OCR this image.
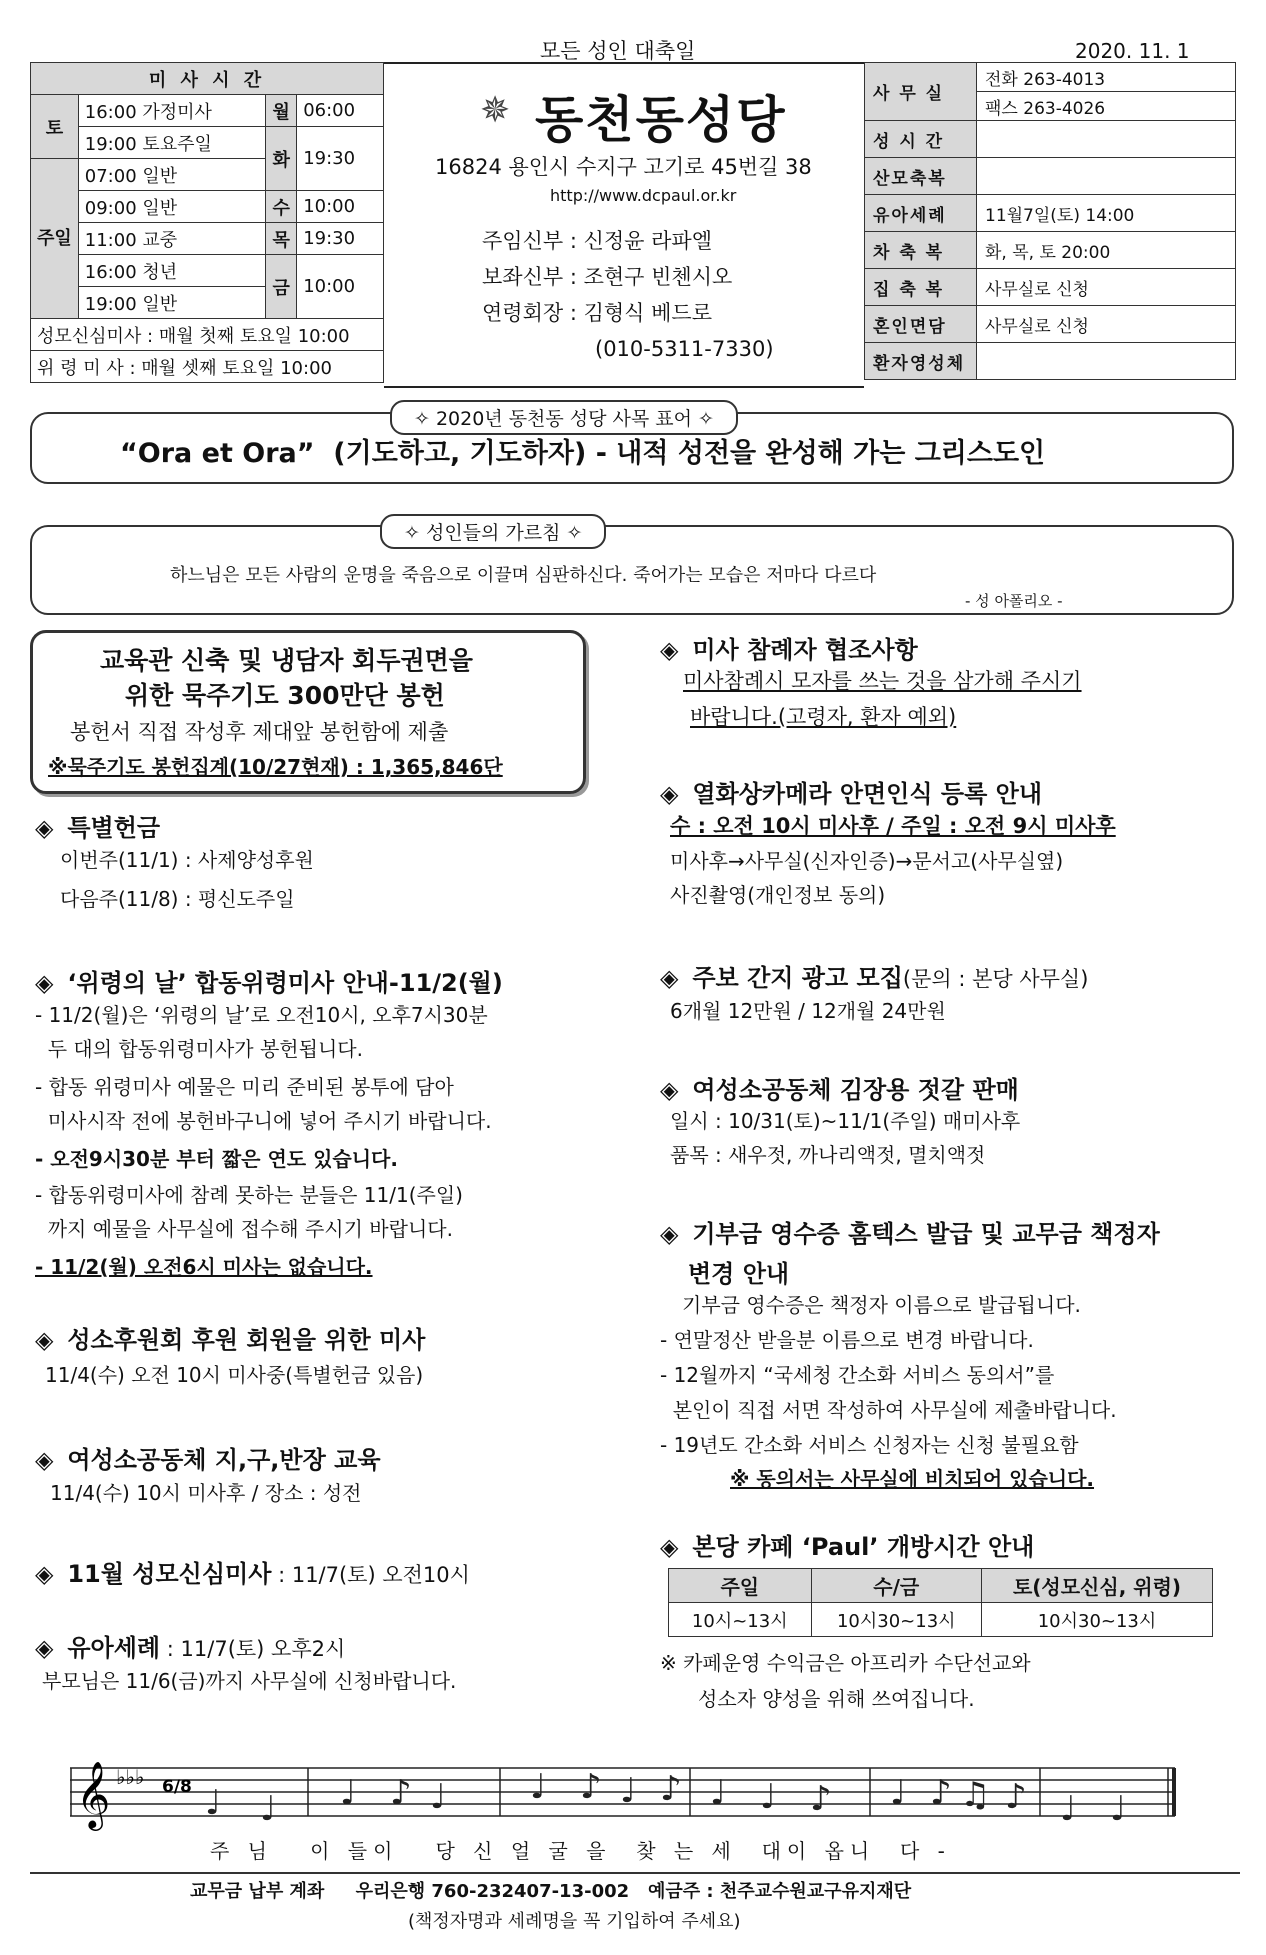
모든 성인 대축일	2020. 11. 1
미 사 시 간			
토	16:00 가정미사	월	06:00
	19:00 토요주일	화	19:30
주일	07:00 일반		
	09:00 일반	수	10:00
	11:00 교중	목	19:30
	16:00 청년	금	10:00
	19:00 일반		
성모신심미사 : 매월 첫째 토요일 10:00			
위 령 미 사 : 매월 셋째 토요일 10:00			
✵ 동천동성당
16824 용인시 수지구 고기로 45번길 38
http://www.dcpaul.or.kr
주임신부 : 신정윤 라파엘
보좌신부 : 조현구 빈첸시오
연령회장 : 김형식 베드로
(010-5311-7330)
사 무 실	전화 263-4013
	팩스 263-4026
성 시 간	
산모축복	
유아세례	11월7일(토) 14:00
차 축 복	화, 목, 토 20:00
집 축 복	사무실로 신청
혼인면담	사무실로 신청
환자영성체	
✧ 2020년 동천동 성당 사목 표어 ✧
“Ora et Ora” (기도하고, 기도하자) - 내적 성전을 완성해 가는 그리스도인
✧ 성인들의 가르침 ✧
하느님은 모든 사람의 운명을 죽음으로 이끌며 심판하신다. 죽어가는 모습은 저마다 다르다
- 성 아폴리오 -
교육관 신축 및 냉담자 회두권면을
위한 묵주기도 300만단 봉헌
봉헌서 직접 작성후 제대앞 봉헌함에 제출
※묵주기도 봉헌집계(10/27현재) : 1,365,846단
◈ 특별헌금
이번주(11/1) : 사제양성후원
다음주(11/8) : 평신도주일
◈ ‘위령의 날’ 합동위령미사 안내-11/2(월)
- 11/2(월)은 ‘위령의 날’로 오전10시, 오후7시30분
두 대의 합동위령미사가 봉헌됩니다.
- 합동 위령미사 예물은 미리 준비된 봉투에 담아
미사시작 전에 봉헌바구니에 넣어 주시기 바랍니다.
- 오전9시30분 부터 짧은 연도 있습니다.
- 합동위령미사에 참례 못하는 분들은 11/1(주일)
까지 예물을 사무실에 접수해 주시기 바랍니다.
- 11/2(월) 오전6시 미사는 없습니다.
◈ 성소후원회 후원 회원을 위한 미사
11/4(수) 오전 10시 미사중(특별헌금 있음)
◈ 여성소공동체 지,구,반장 교육
11/4(수) 10시 미사후 / 장소 : 성전
◈ 11월 성모신심미사 : 11/7(토) 오전10시
◈ 유아세례 : 11/7(토) 오후2시
부모님은 11/6(금)까지 사무실에 신청바랍니다.
◈ 미사 참례자 협조사항
미사참례시 모자를 쓰는 것을 삼가해 주시기
바랍니다.(고령자, 환자 예외)
◈ 열화상카메라 안면인식 등록 안내
수 : 오전 10시 미사후 / 주일 : 오전 9시 미사후
미사후→사무실(신자인증)→문서고(사무실옆)
사진촬영(개인정보 동의)
◈ 주보 간지 광고 모집(문의 : 본당 사무실)
6개월 12만원 / 12개월 24만원
◈ 여성소공동체 김장용 젓갈 판매
일시 : 10/31(토)~11/1(주일) 매미사후
품목 : 새우젓, 까나리액젓, 멸치액젓
◈ 기부금 영수증 홈텍스 발급 및 교무금 책정자
변경 안내
기부금 영수증은 책정자 이름으로 발급됩니다.
- 연말정산 받을분 이름으로 변경 바랍니다.
- 12월까지 “국세청 간소화 서비스 동의서”를
본인이 직접 서면 작성하여 사무실에 제출바랍니다.
- 19년도 간소화 서비스 신청자는 신청 불필요함
※ 동의서는 사무실에 비치되어 있습니다.
◈ 본당 카페 ‘Paul’ 개방시간 안내
주일	수/금	토(성모신심, 위령)
10시~13시	10시30~13시	10시30~13시
※ 카페운영 수익금은 아프리카 수단선교와
성소자 양성을 위해 쓰여집니다.
𝄞 ♭♭♭ 6/8 ♩ ♩ ♩ ♪ ♩ ♩ ♪ ♩ ♪ ♩ ♩ ♪ ♩ ♪ ♫ ♪ ♩ ♩
주 님   이 들이   당 신 얼 굴 을  찾 는 세  대이 옵니  다 -
교무금 납부 계좌     우리은행 760-232407-13-002   예금주 : 천주교수원교구유지재단
(책정자명과 세례명을 꼭 기입하여 주세요)
